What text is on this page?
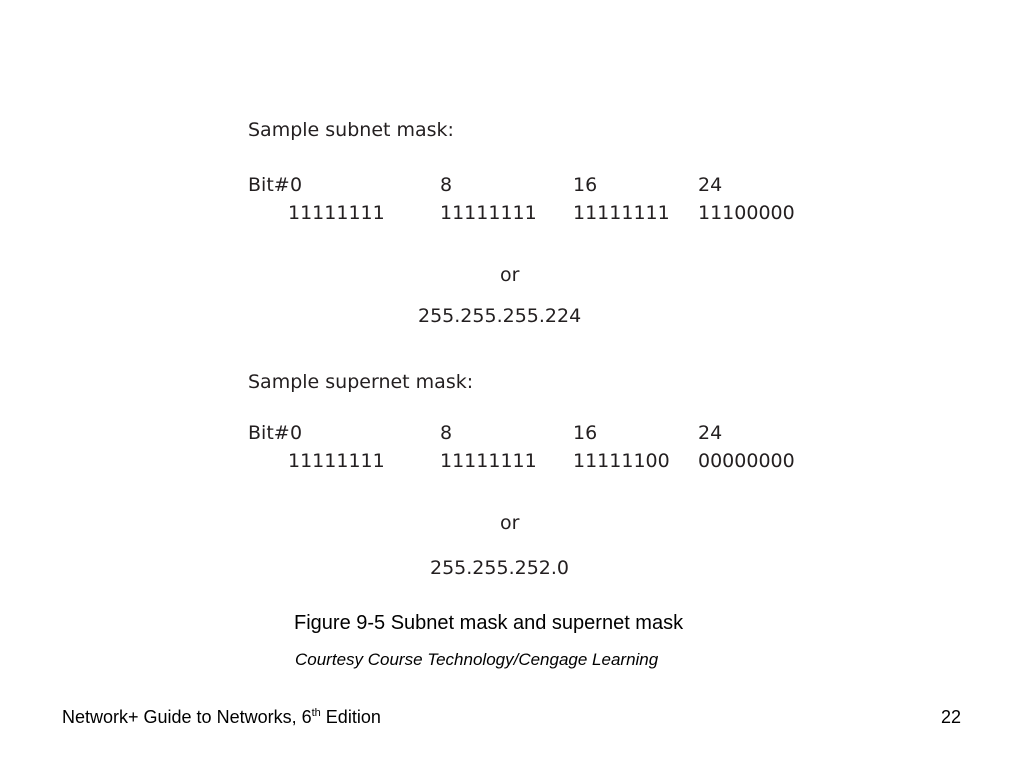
Sample subnet mask:
Bit# 0	8	16	24
11111111	11111111 11111111 11100000
or
255.255.255.224
Sample supernet mask:
Bit# 0	8	16	24
11111111	11111111 11111100 00000000
or
255.255.252.0
Figure 9-5 Subnet mask and supernet mask
Courtesy Course Technology/Cengage Learning
Network+ Guide to Networks, 6th Edition	22
